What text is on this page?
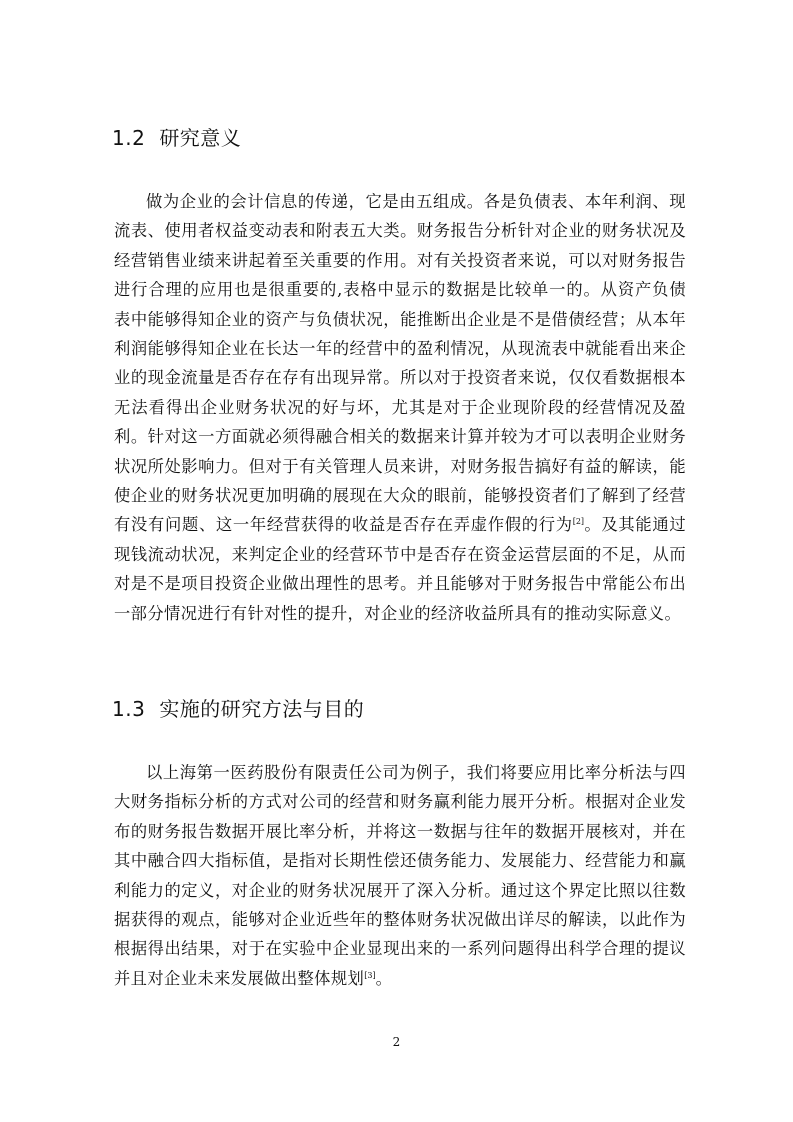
1.2 研究意义

做为企业的会计信息的传递，它是由五组成。各是负债表、本年利润、现流表、使用者权益变动表和附表五大类。财务报告分析针对企业的财务状况及经营销售业绩来讲起着至关重要的作用。对有关投资者来说，可以对财务报告进行合理的应用也是很重要的,表格中显示的数据是比较单一的。从资产负债表中能够得知企业的资产与负债状况，能推断出企业是不是借债经营；从本年利润能够得知企业在长达一年的经营中的盈利情况，从现流表中就能看出来企业的现金流量是否存在存有出现异常。所以对于投资者来说，仅仅看数据根本无法看得出企业财务状况的好与坏，尤其是对于企业现阶段的经营情况及盈利。针对这一方面就必须得融合相关的数据来计算并较为才可以表明企业财务状况所处影响力。但对于有关管理人员来讲，对财务报告搞好有益的解读，能使企业的财务状况更加明确的展现在大众的眼前，能够投资者们了解到了经营有没有问题、这一年经营获得的收益是否存在弄虚作假的行为[2]。及其能通过现钱流动状况，来判定企业的经营环节中是否存在资金运营层面的不足，从而对是不是项目投资企业做出理性的思考。并且能够对于财务报告中常能公布出一部分情况进行有针对性的提升，对企业的经济收益所具有的推动实际意义。

1.3 实施的研究方法与目的

以上海第一医药股份有限责任公司为例子，我们将要应用比率分析法与四大财务指标分析的方式对公司的经营和财务赢利能力展开分析。根据对企业发布的财务报告数据开展比率分析，并将这一数据与往年的数据开展核对，并在其中融合四大指标值，是指对长期性偿还债务能力、发展能力、经营能力和赢利能力的定义，对企业的财务状况展开了深入分析。通过这个界定比照以往数据获得的观点，能够对企业近些年的整体财务状况做出详尽的解读，以此作为根据得出结果，对于在实验中企业显现出来的一系列问题得出科学合理的提议并且对企业未来发展做出整体规划[3]。

2
